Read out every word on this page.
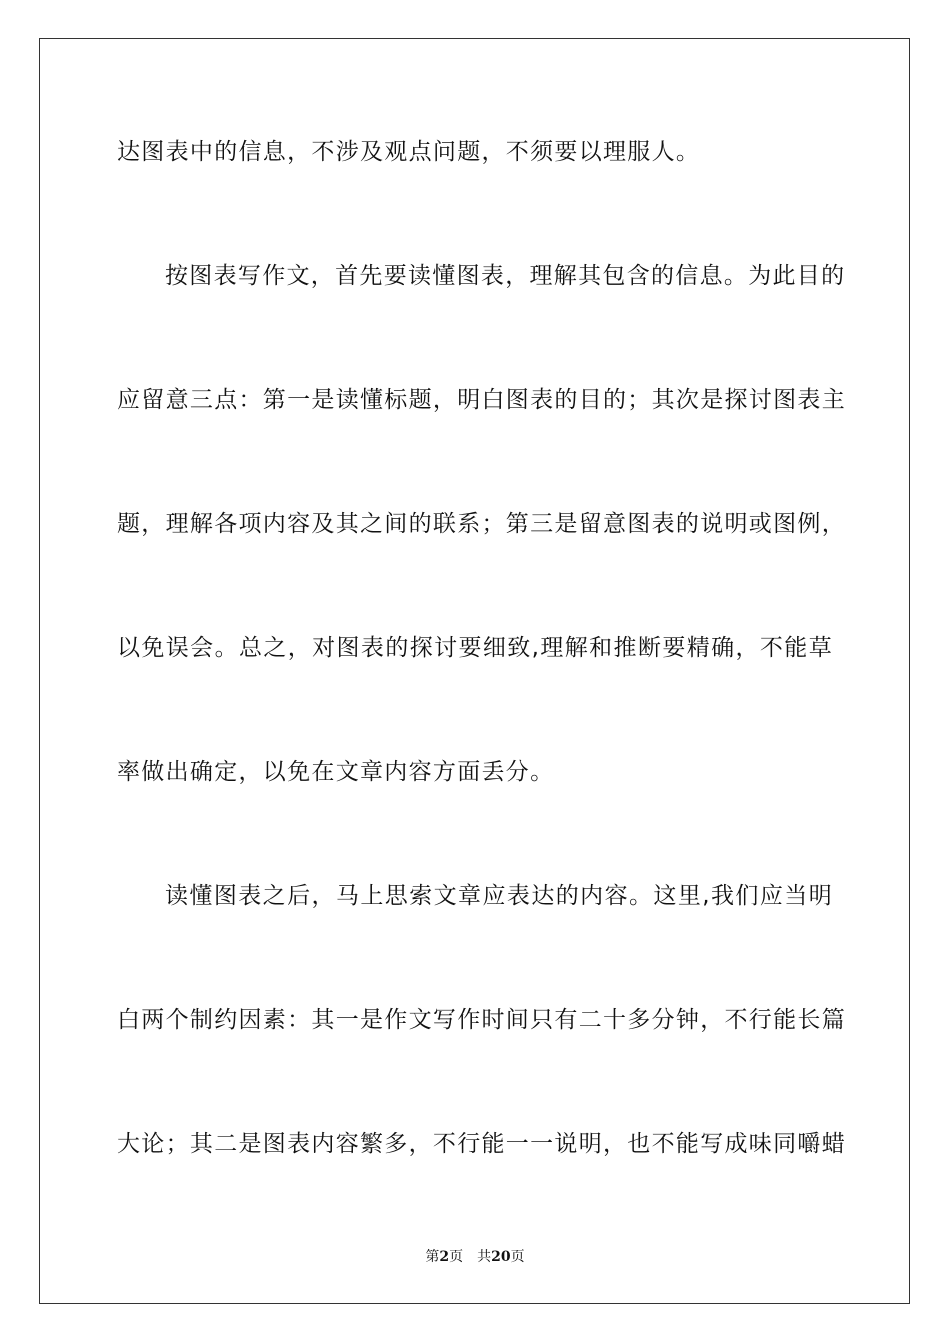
达图表中的信息，不涉及观点问题，不须要以理服人。
按图表写作文，首先要读懂图表，理解其包含的信息。为此目的
应留意三点：第一是读懂标题，明白图表的目的；其次是探讨图表主
题，理解各项内容及其之间的联系；第三是留意图表的说明或图例，
以免误会。总之，对图表的探讨要细致,理解和推断要精确，不能草
率做出确定，以免在文章内容方面丢分。
读懂图表之后，马上思索文章应表达的内容。这里,我们应当明
白两个制约因素：其一是作文写作时间只有二十多分钟，不行能长篇
大论；其二是图表内容繁多，不行能一一说明，也不能写成味同嚼蜡
第2页 共20页
